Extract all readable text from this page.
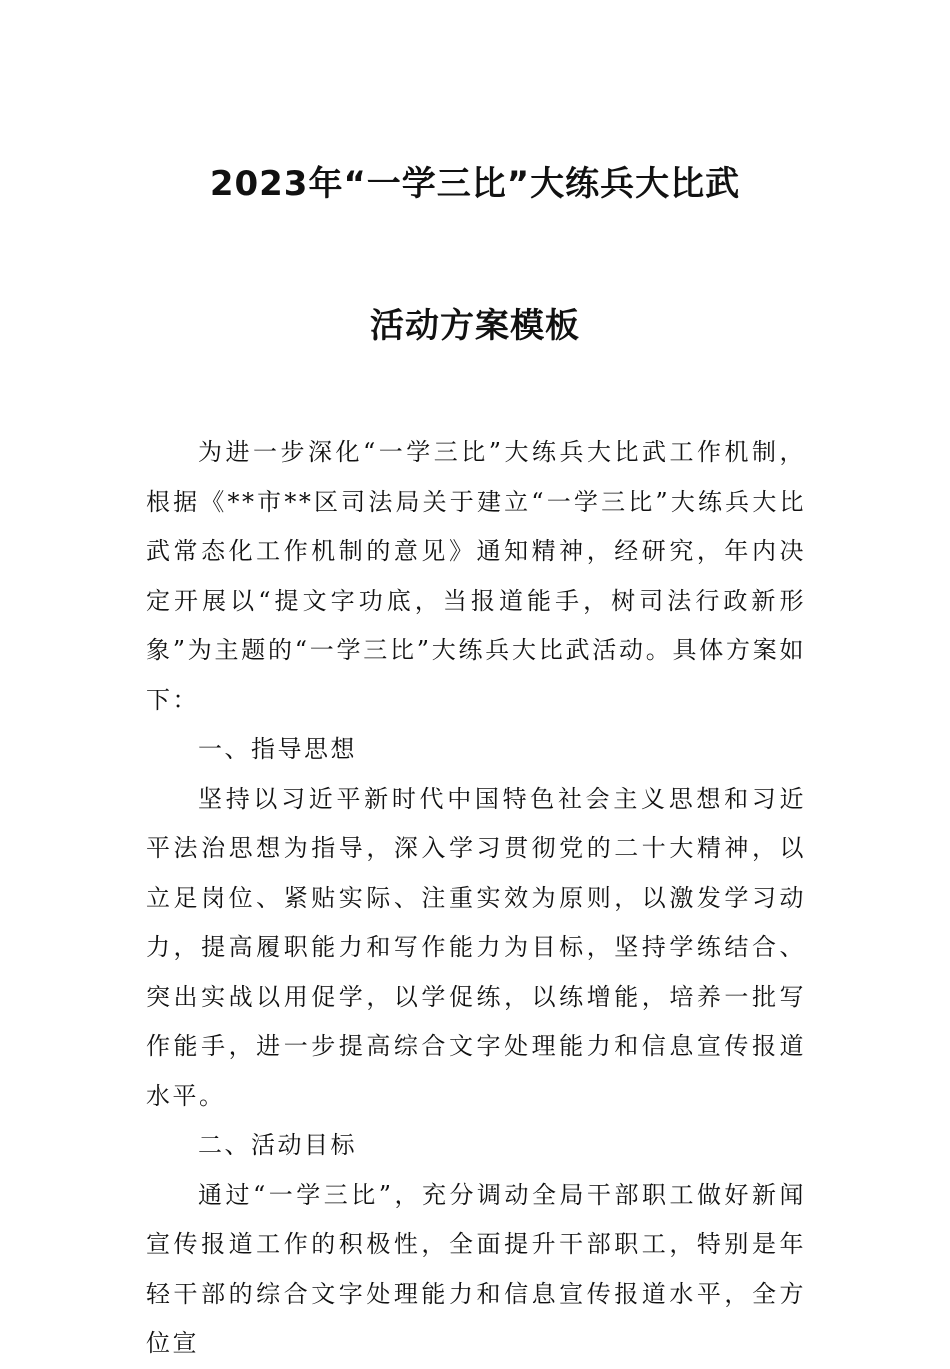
2023年“一学三比”大练兵大比武
活动方案模板

为进一步深化“一学三比”大练兵大比武工作机制，根据《**市**区司法局关于建立“一学三比”大练兵大比武常态化工作机制的意见》通知精神，经研究，年内决定开展以“提文字功底，当报道能手，树司法行政新形象”为主题的“一学三比”大练兵大比武活动。具体方案如下：

一、指导思想

坚持以习近平新时代中国特色社会主义思想和习近平法治思想为指导，深入学习贯彻党的二十大精神，以立足岗位、紧贴实际、注重实效为原则，以激发学习动力，提高履职能力和写作能力为目标，坚持学练结合、突出实战以用促学，以学促练，以练增能，培养一批写作能手，进一步提高综合文字处理能力和信息宣传报道水平。

二、活动目标

通过“一学三比”，充分调动全局干部职工做好新闻宣传报道工作的积极性，全面提升干部职工，特别是年轻干部的综合文字处理能力和信息宣传报道水平，全方位宣
